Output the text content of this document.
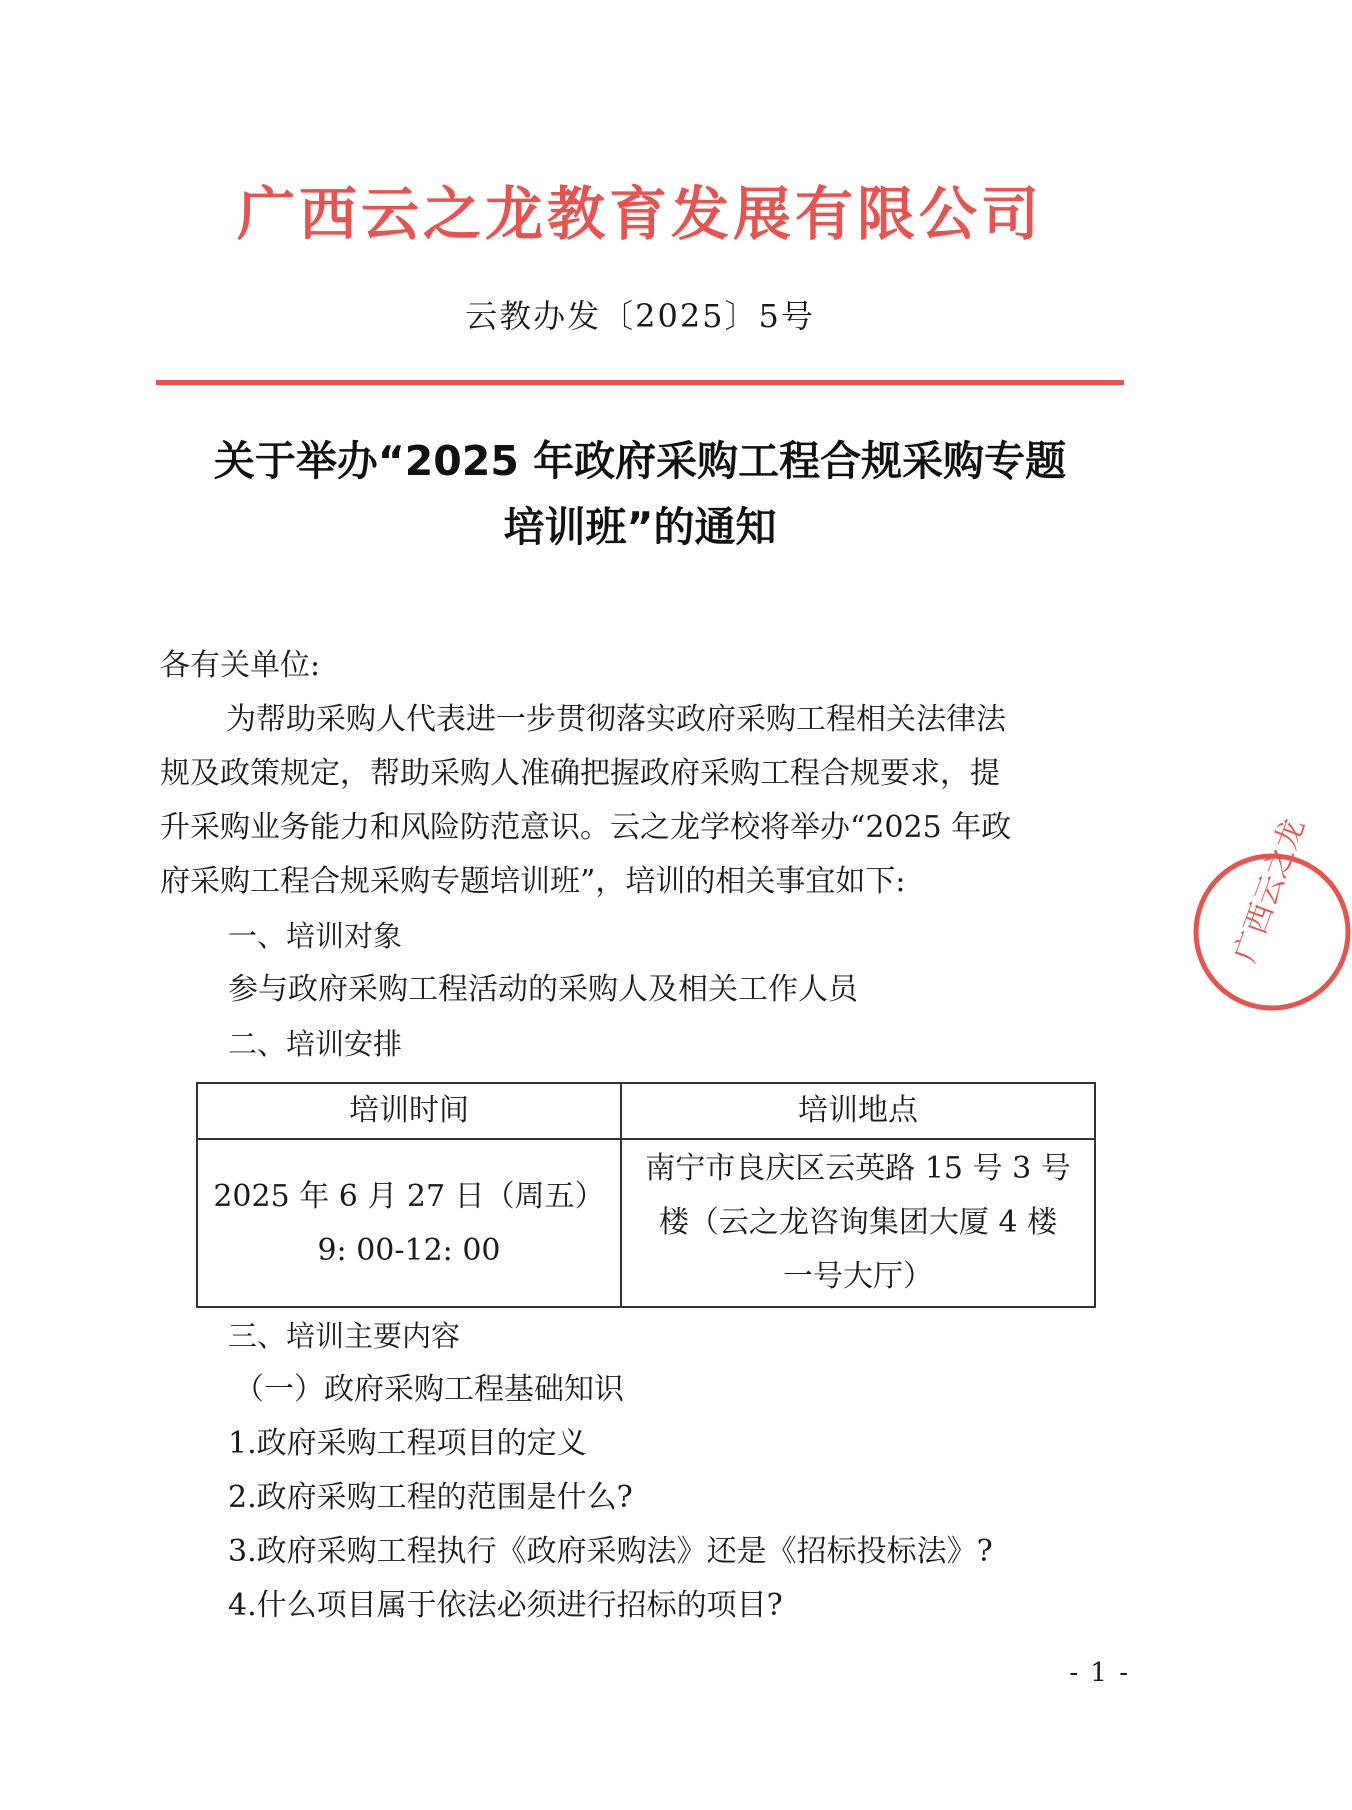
广西云之龙教育发展有限公司
云教办发〔2025〕5号
关于举办“2025 年政府采购工程合规采购专题
培训班”的通知
各有关单位:
为帮助采购人代表进一步贯彻落实政府采购工程相关法律法
规及政策规定，帮助采购人准确把握政府采购工程合规要求，提
升采购业务能力和风险防范意识。云之龙学校将举办“2025 年政
府采购工程合规采购专题培训班”，培训的相关事宜如下:
一、培训对象
参与政府采购工程活动的采购人及相关工作人员
二、培训安排
培训时间	培训地点
2025 年 6 月 27 日（周五）
9: 00-12: 00
南宁市良庆区云英路 15 号 3 号
楼（云之龙咨询集团大厦 4 楼
一号大厅）
三、培训主要内容
（一）政府采购工程基础知识
1.政府采购工程项目的定义
2.政府采购工程的范围是什么?
3.政府采购工程执行《政府采购法》还是《招标投标法》?
4.什么项目属于依法必须进行招标的项目?
- 1 -
广西云之龙
